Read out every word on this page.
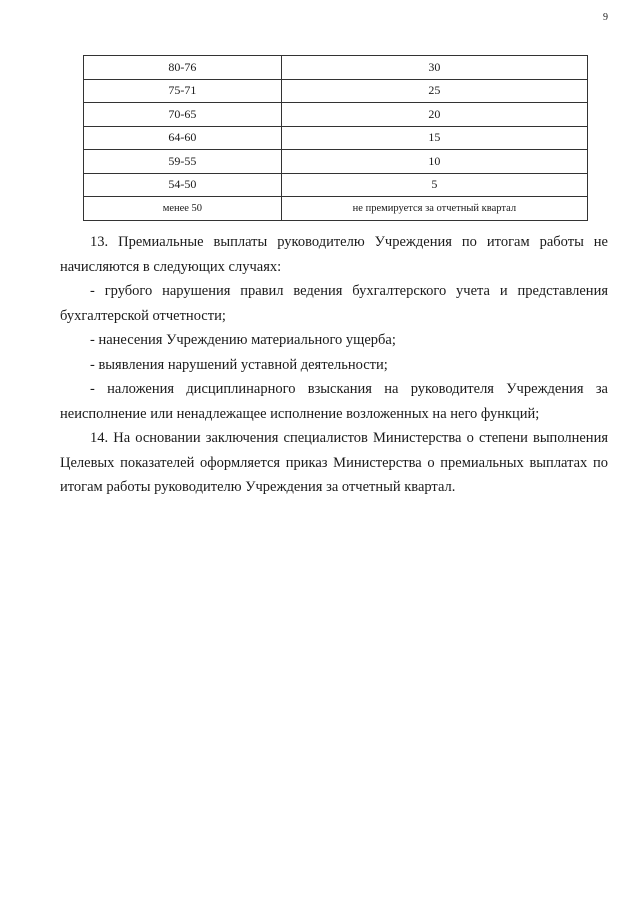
9
80-76	30
75-71	25
70-65	20
64-60	15
59-55	10
54-50	5
менее 50	не премируется за отчетный квартал

13. Премиальные выплаты руководителю Учреждения по итогам работы не начисляются в следующих случаях:

- грубого нарушения правил ведения бухгалтерского учета и представления бухгалтерской отчетности;

- нанесения Учреждению материального ущерба;

- выявления нарушений уставной деятельности;

- наложения дисциплинарного взыскания на руководителя Учреждения за неисполнение или ненадлежащее исполнение возложенных на него функций;

14. На основании заключения специалистов Министерства о степени выполнения Целевых показателей оформляется приказ Министерства о премиальных выплатах по итогам работы руководителю Учреждения за отчетный квартал.
